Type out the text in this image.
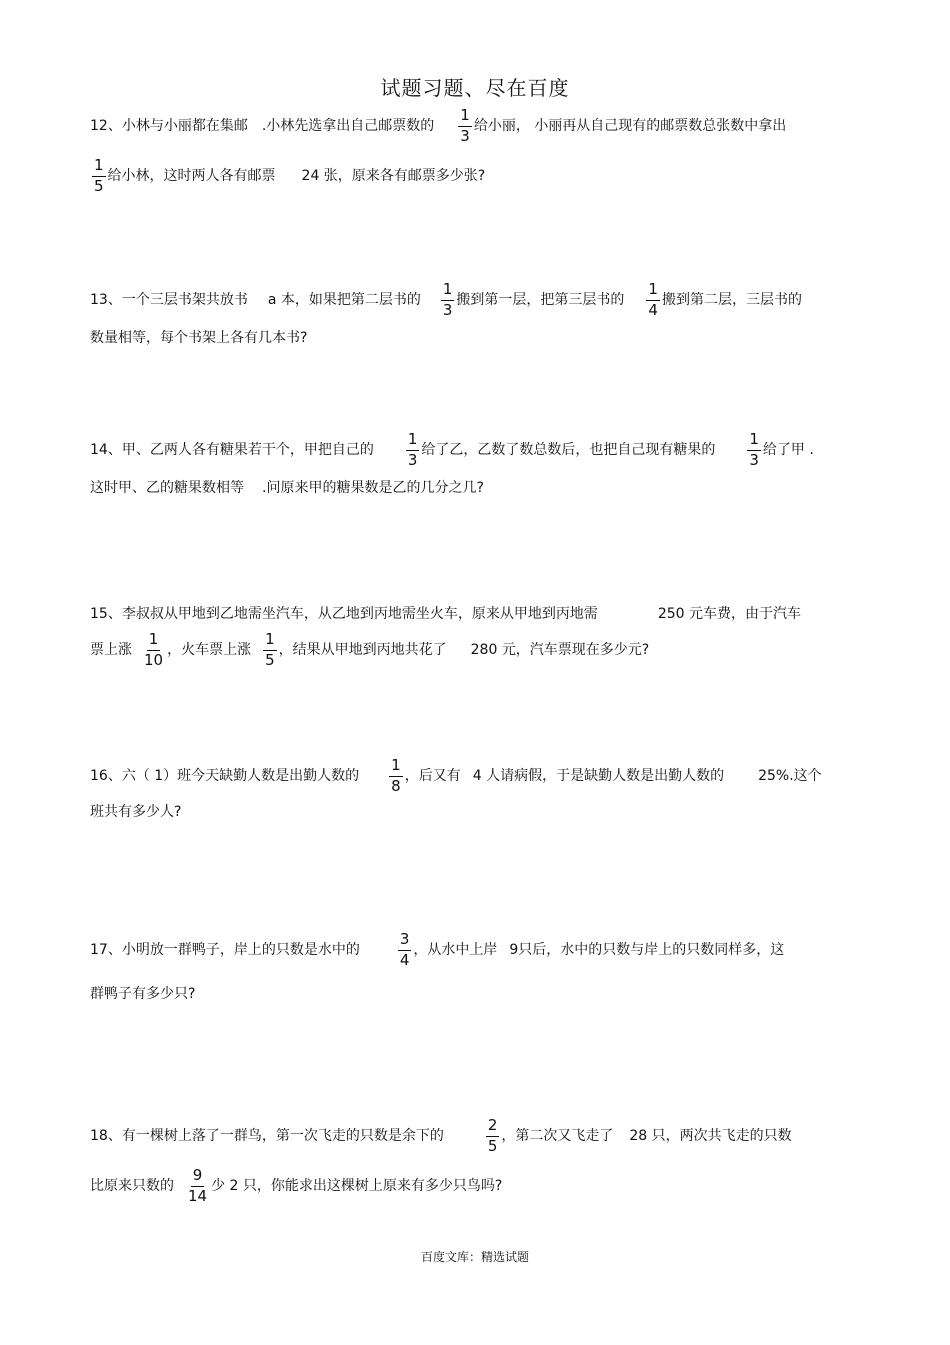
试题习题、尽在百度
12、小林与小丽都在集邮 .小林先选拿出自己邮票数的 $\frac{1}{3}$ 给小丽， 小丽再从自己现有的邮票数总张数中拿出
$\frac{1}{5}$ 给小林，这时两人各有邮票 24 张，原来各有邮票多少张?
13、一个三层书架共放书 a 本，如果把第二层书的 $\frac{1}{3}$ 搬到第一层，把第三层书的 $\frac{1}{4}$ 搬到第二层，三层书的
数量相等，每个书架上各有几本书?
14、甲、乙两人各有糖果若干个，甲把自己的 $\frac{1}{3}$ 给了乙，乙数了数总数后，也把自己现有糖果的 $\frac{1}{3}$ 给了甲 .
这时甲、乙的糖果数相等 .问原来甲的糖果数是乙的几分之几?
15、李叔叔从甲地到乙地需坐汽车，从乙地到丙地需坐火车，原来从甲地到丙地需	250 元车费，由于汽车
票上涨 $\frac{1}{10}$ ，火车票上涨 $\frac{1}{5}$ ，结果从甲地到丙地共花了 280 元，汽车票现在多少元?
16、六（ 1）班今天缺勤人数是出勤人数的 $\frac{1}{8}$ ，后又有 4 人请病假，于是缺勤人数是出勤人数的 25%.这个
班共有多少人?
17、小明放一群鸭子，岸上的只数是水中的	$\frac{3}{4}$ ，从水中上岸 9只后，水中的只数与岸上的只数同样多，这
群鸭子有多少只?
18、有一棵树上落了一群鸟，第一次飞走的只数是余下的	$\frac{2}{5}$ ，第二次又飞走了 28 只，两次共飞走的只数
比原来只数的 $\frac{9}{14}$ 少 2 只，你能求出这棵树上原来有多少只鸟吗?
百度文库：精选试题
